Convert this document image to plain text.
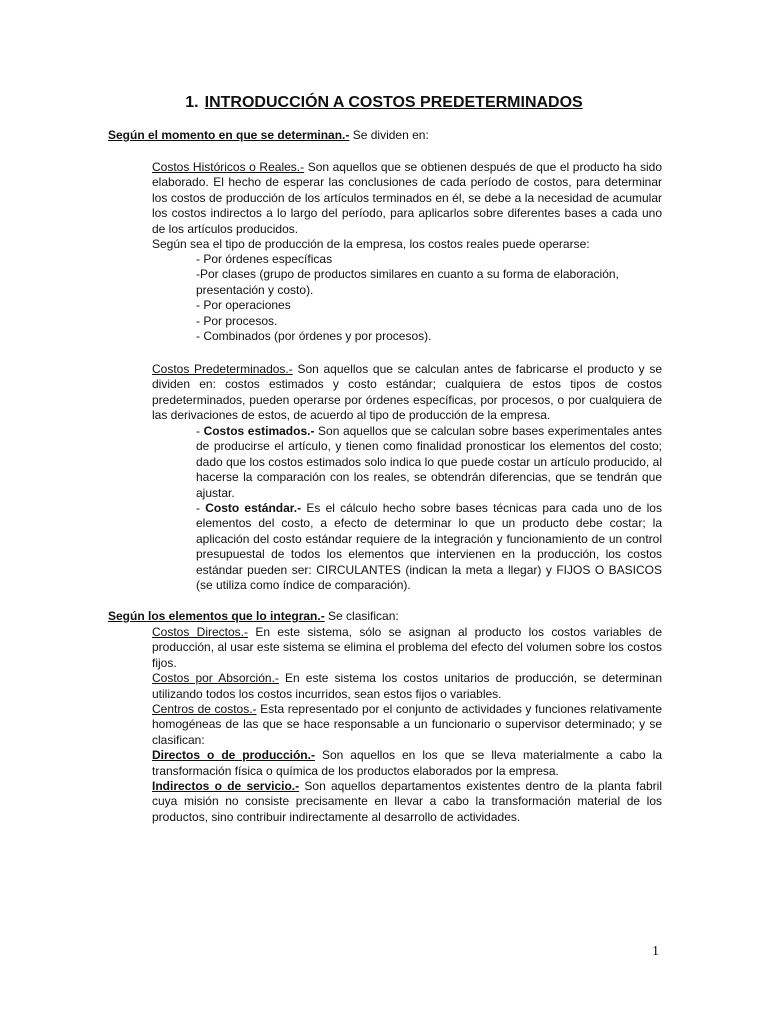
1. INTRODUCCIÓN A COSTOS PREDETERMINADOS
Según el momento en que se determinan.- Se dividen en:

Costos Históricos o Reales.- Son aquellos que se obtienen después de que el producto ha sido elaborado. El hecho de esperar las conclusiones de cada período de costos, para determinar los costos de producción de los artículos terminados en él, se debe a la necesidad de acumular los costos indirectos a lo largo del período, para aplicarlos sobre diferentes bases a cada uno de los artículos producidos.

Según sea el tipo de producción de la empresa, los costos reales puede operarse:

- Por órdenes específicas
-Por clases (grupo de productos similares en cuanto a su forma de elaboración, presentación y costo).
- Por operaciones
- Por procesos.
- Combinados (por órdenes y por procesos).

Costos Predeterminados.- Son aquellos que se calculan antes de fabricarse el producto y se dividen en: costos estimados y costo estándar; cualquiera de estos tipos de costos predeterminados, pueden operarse por órdenes específicas, por procesos, o por cualquiera de las derivaciones de estos, de acuerdo al tipo de producción de la empresa.

- Costos estimados.- Son aquellos que se calculan sobre bases experimentales antes de producirse el artículo, y tienen como finalidad pronosticar los elementos del costo; dado que los costos estimados solo indica lo que puede costar un artículo producido, al hacerse la comparación con los reales, se obtendrán diferencias, que se tendrán que ajustar.
- Costo estándar.- Es el cálculo hecho sobre bases técnicas para cada uno de los elementos del costo, a efecto de determinar lo que un producto debe costar; la aplicación del costo estándar requiere de la integración y funcionamiento de un control presupuestal de todos los elementos que intervienen en la producción, los costos estándar pueden ser: CIRCULANTES (indican la meta a llegar) y FIJOS O BASICOS (se utiliza como índice de comparación).
Según los elementos que lo integran.- Se clasifican:

Costos Directos.- En este sistema, sólo se asignan al producto los costos variables de producción, al usar este sistema se elimina el problema del efecto del volumen sobre los costos fijos.

Costos por Absorción.- En este sistema los costos unitarios de producción, se determinan utilizando todos los costos incurridos, sean estos fijos o variables.

Centros de costos.- Esta representado por el conjunto de actividades y funciones relativamente homogéneas de las que se hace responsable a un funcionario o supervisor determinado; y se clasifican:

Directos o de producción.- Son aquellos en los que se lleva materialmente a cabo la transformación física o química de los productos elaborados por la empresa.

Indirectos o de servicio.- Son aquellos departamentos existentes dentro de la planta fabril cuya misión no consiste precisamente en llevar a cabo la transformación material de los productos, sino contribuir indirectamente al desarrollo de actividades.

1
